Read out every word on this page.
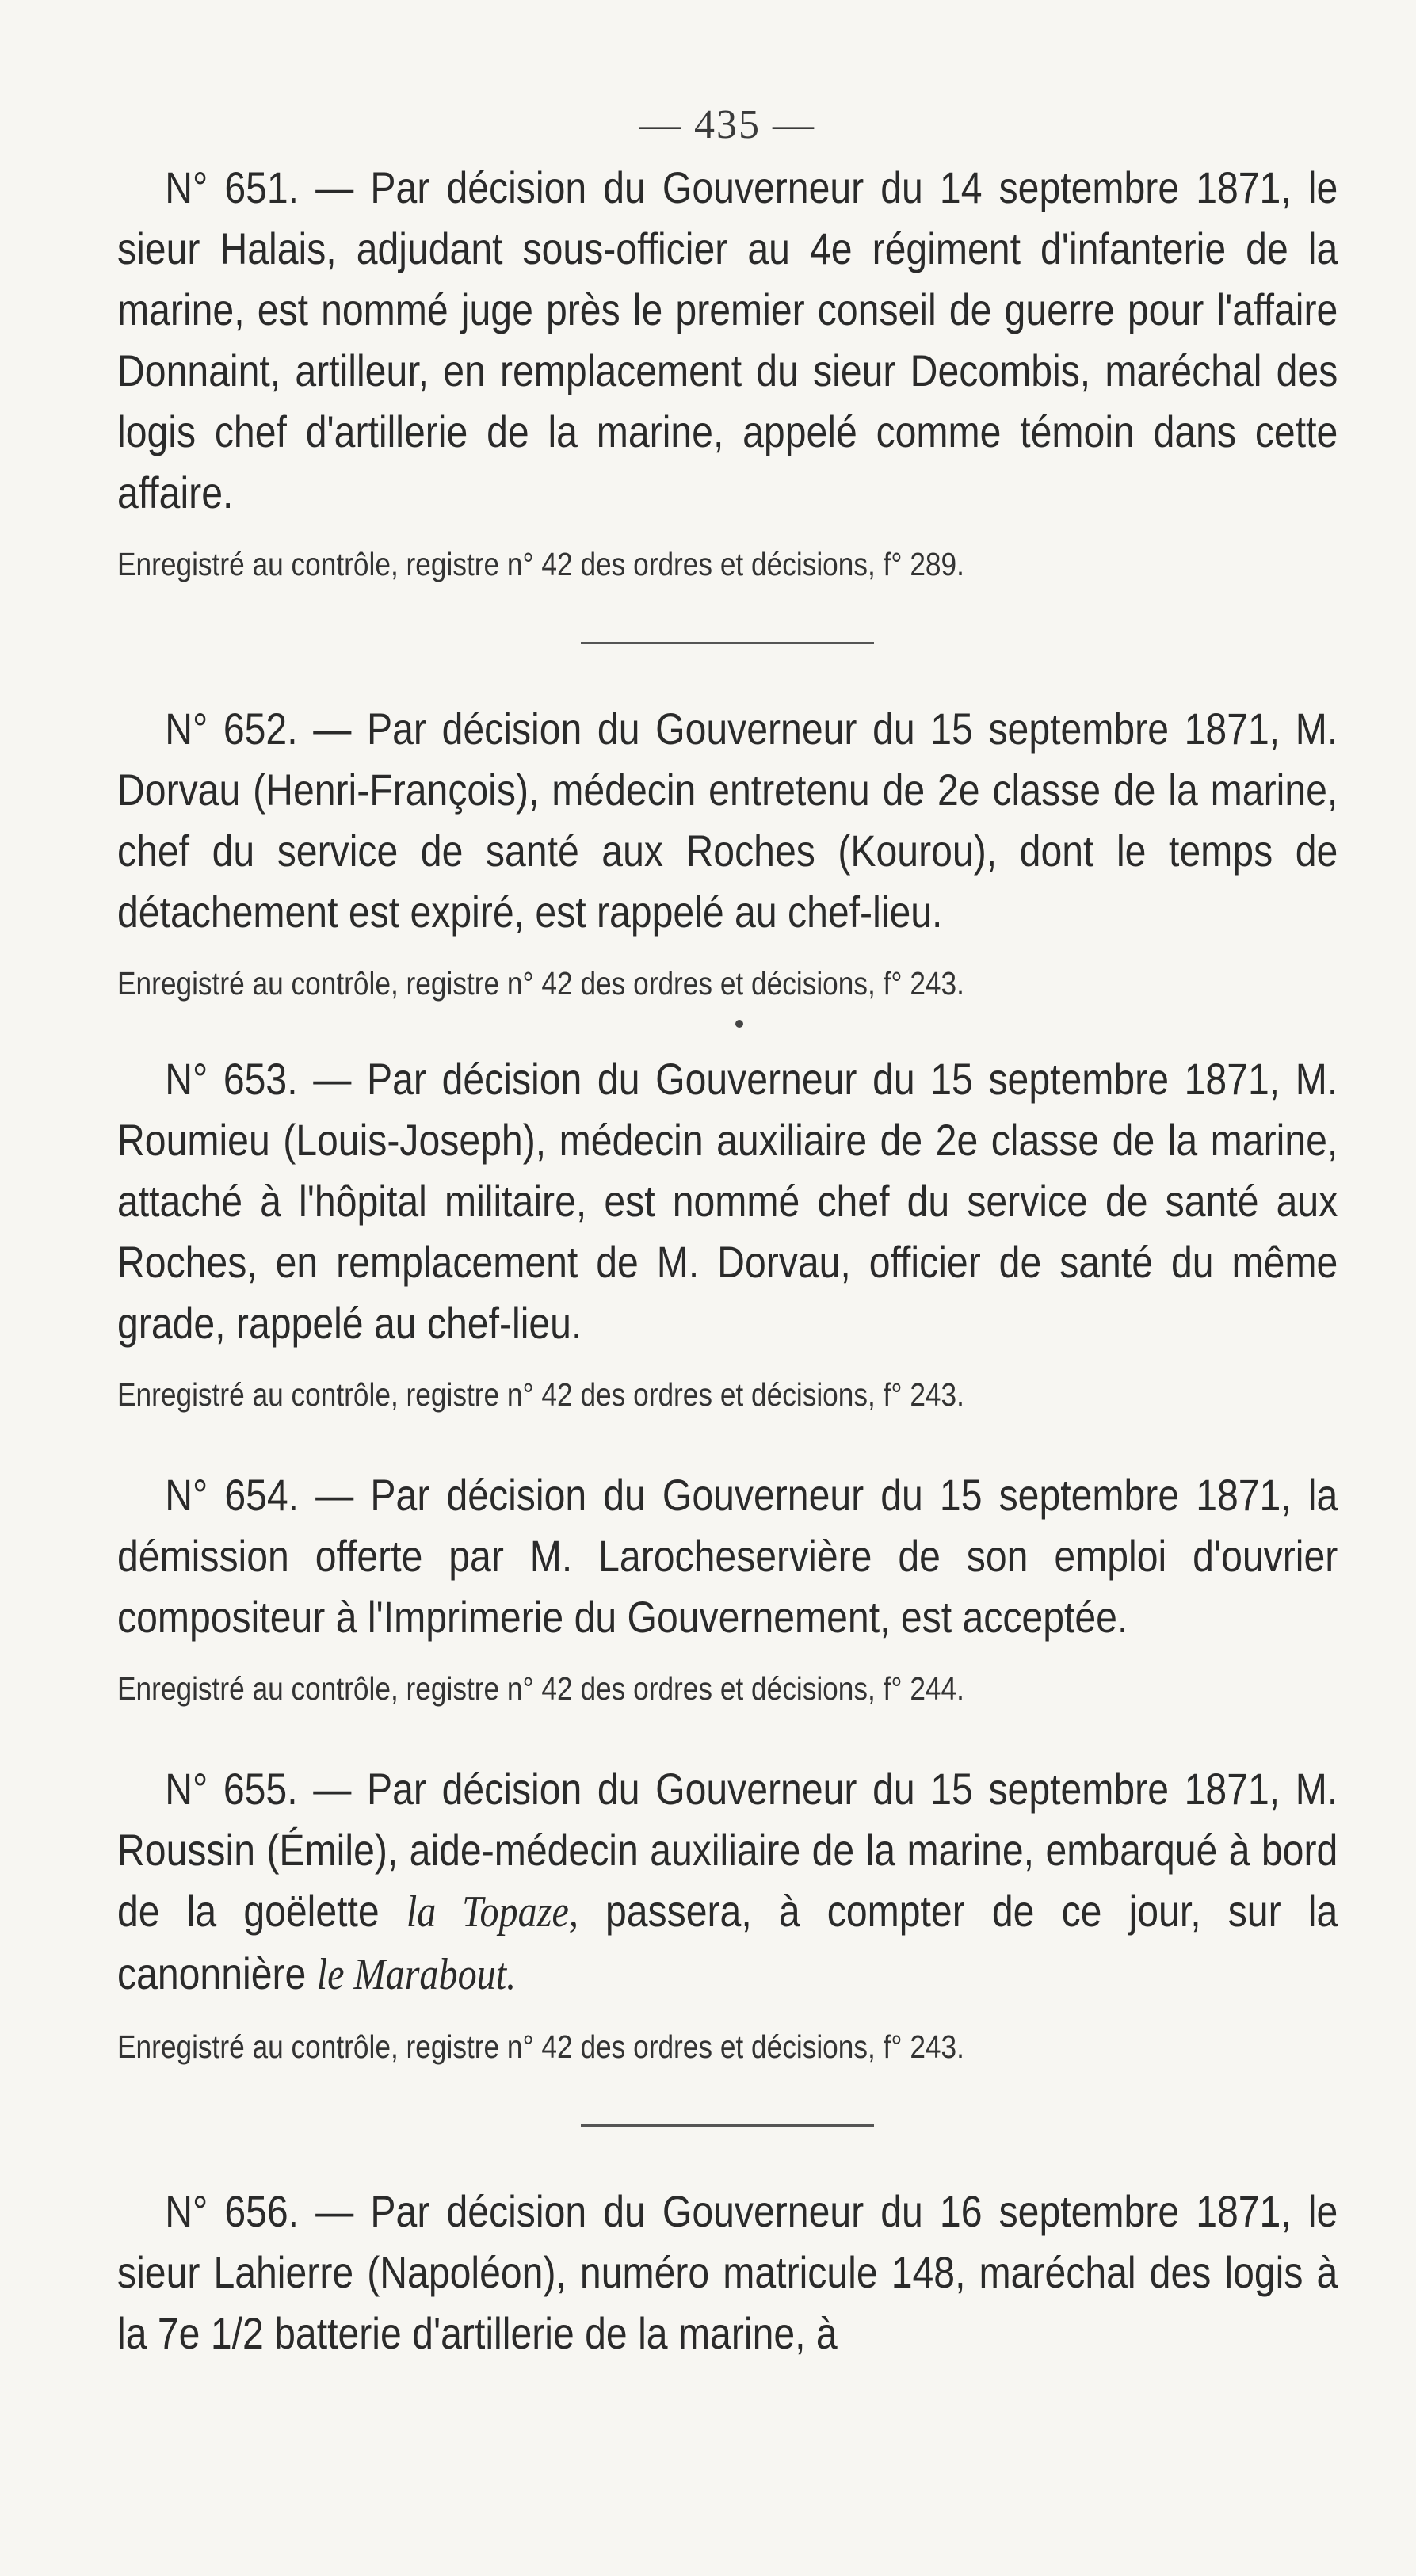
— 435 —

N° 651. — Par décision du Gouverneur du 14 septembre 1871, le sieur Halais, adjudant sous-officier au 4e régiment d'infanterie de la marine, est nommé juge près le premier conseil de guerre pour l'affaire Donnaint, artilleur, en remplacement du sieur Decombis, maréchal des logis chef d'artillerie de la marine, appelé comme témoin dans cette affaire.

Enregistré au contrôle, registre n° 42 des ordres et décisions, f° 289.

N° 652. — Par décision du Gouverneur du 15 septembre 1871, M. Dorvau (Henri-François), médecin entretenu de 2e classe de la marine, chef du service de santé aux Roches (Kourou), dont le temps de détachement est expiré, est rappelé au chef-lieu.

Enregistré au contrôle, registre n° 42 des ordres et décisions, f° 243.

N° 653. — Par décision du Gouverneur du 15 septembre 1871, M. Roumieu (Louis-Joseph), médecin auxiliaire de 2e classe de la marine, attaché à l'hôpital militaire, est nommé chef du service de santé aux Roches, en remplacement de M. Dorvau, officier de santé du même grade, rappelé au chef-lieu.

Enregistré au contrôle, registre n° 42 des ordres et décisions, f° 243.

N° 654. — Par décision du Gouverneur du 15 septembre 1871, la démission offerte par M. Larocheservière de son emploi d'ouvrier compositeur à l'Imprimerie du Gouvernement, est acceptée.

Enregistré au contrôle, registre n° 42 des ordres et décisions, f° 244.

N° 655. — Par décision du Gouverneur du 15 septembre 1871, M. Roussin (Émile), aide-médecin auxiliaire de la marine, embarqué à bord de la goëlette la Topaze, passera, à compter de ce jour, sur la canonnière le Marabout.

Enregistré au contrôle, registre n° 42 des ordres et décisions, f° 243.

N° 656. — Par décision du Gouverneur du 16 septembre 1871, le sieur Lahierre (Napoléon), numéro matricule 148, maréchal des logis à la 7e 1/2 batterie d'artillerie de la marine, à
